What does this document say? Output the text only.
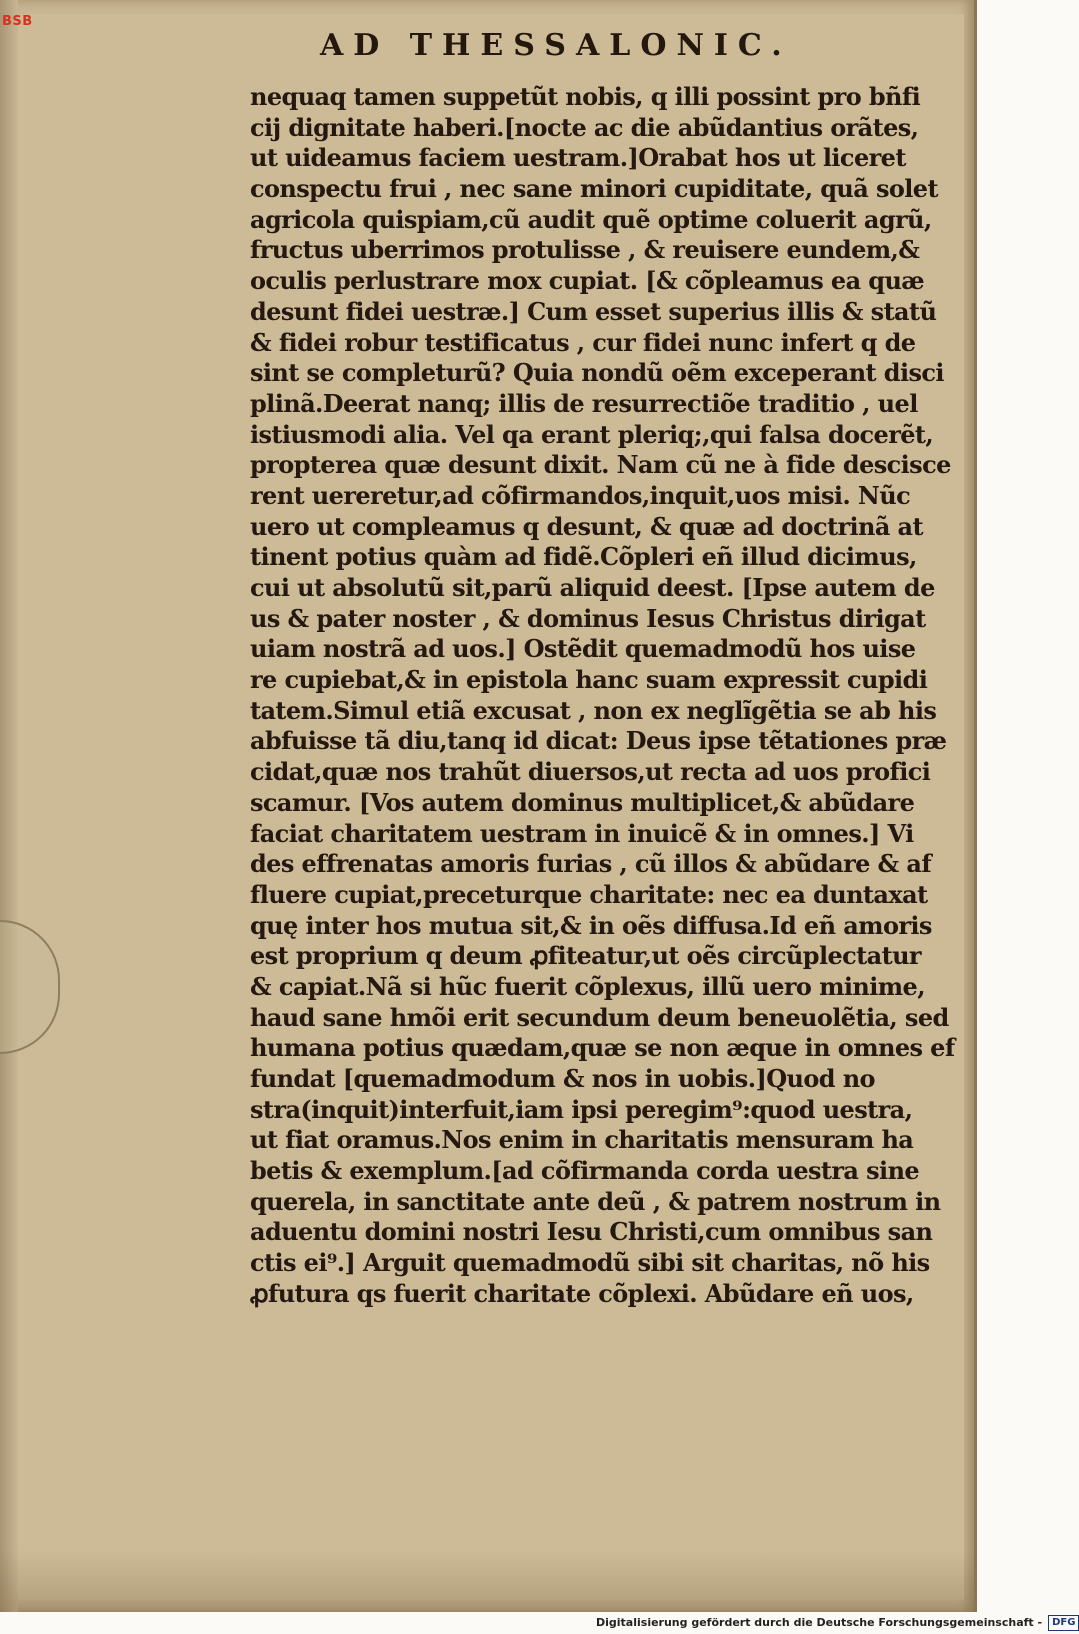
BSB
AD THESSALONIC.
nequaq tamen suppetũt nobis, q illi possint pro bñfi
cij dignitate haberi.[nocte ac die abũdantius orãtes,
ut uideamus faciem uestram.]Orabat hos ut liceret
conspectu frui , nec sane minori cupiditate, quã solet
agricola quispiam,cũ audit quẽ optime coluerit agrũ,
fructus uberrimos protulisse , & reuisere eundem,&
oculis perlustrare mox cupiat. [& cõpleamus ea quæ
desunt fidei uestræ.] Cum esset superius illis & statũ
& fidei robur testificatus , cur fidei nunc infert q de
sint se completurũ? Quia nondũ oẽm exceperant disci
plinã.Deerat nanq; illis de resurrectiõe traditio , uel
istiusmodi alia. Vel qa erant pleriq;,qui falsa docerẽt,
propterea quæ desunt dixit. Nam cũ ne à fide descisce
rent uereretur,ad cõfirmandos,inquit,uos misi. Nũc
uero ut compleamus q desunt, & quæ ad doctrinã at
tinent potius quàm ad fidẽ.Cõpleri eñ illud dicimus,
cui ut absolutũ sit,parũ aliquid deest. [Ipse autem de
us & pater noster , & dominus Iesus Christus dirigat
uiam nostrã ad uos.] Ostẽdit quemadmodũ hos uise
re cupiebat,& in epistola hanc suam expressit cupidi
tatem.Simul etiã excusat , non ex neglĩgẽtia se ab his
abfuisse tã diu,tanq id dicat: Deus ipse tẽtationes præ
cidat,quæ nos trahũt diuersos,ut recta ad uos profici
scamur. [Vos autem dominus multiplicet,& abũdare
faciat charitatem uestram in inuicẽ & in omnes.] Vi
des effrenatas amoris furias , cũ illos & abũdare & af
fluere cupiat,preceturque charitate: nec ea duntaxat
quę inter hos mutua sit,& in oẽs diffusa.Id eñ amoris
est proprium q deum ꝓfiteatur,ut oẽs circũplectatur
& capiat.Nã si hũc fuerit cõplexus, illũ uero minime,
haud sane hmõi erit secundum deum beneuolẽtia, sed
humana potius quædam,quæ se non æque in omnes ef
fundat [quemadmodum & nos in uobis.]Quod no
stra(inquit)interfuit,iam ipsi peregim⁹:quod uestra,
ut fiat oramus.Nos enim in charitatis mensuram ha
betis & exemplum.[ad cõfirmanda corda uestra sine
querela, in sanctitate ante deũ , & patrem nostrum in
aduentu domini nostri Iesu Christi,cum omnibus san
ctis ei⁹.] Arguit quemadmodũ sibi sit charitas, nõ his
ꝓfutura qs fuerit charitate cõplexi. Abũdare eñ uos,
Digitalisierung gefördert durch die Deutsche Forschungsgemeinschaft - DFG
